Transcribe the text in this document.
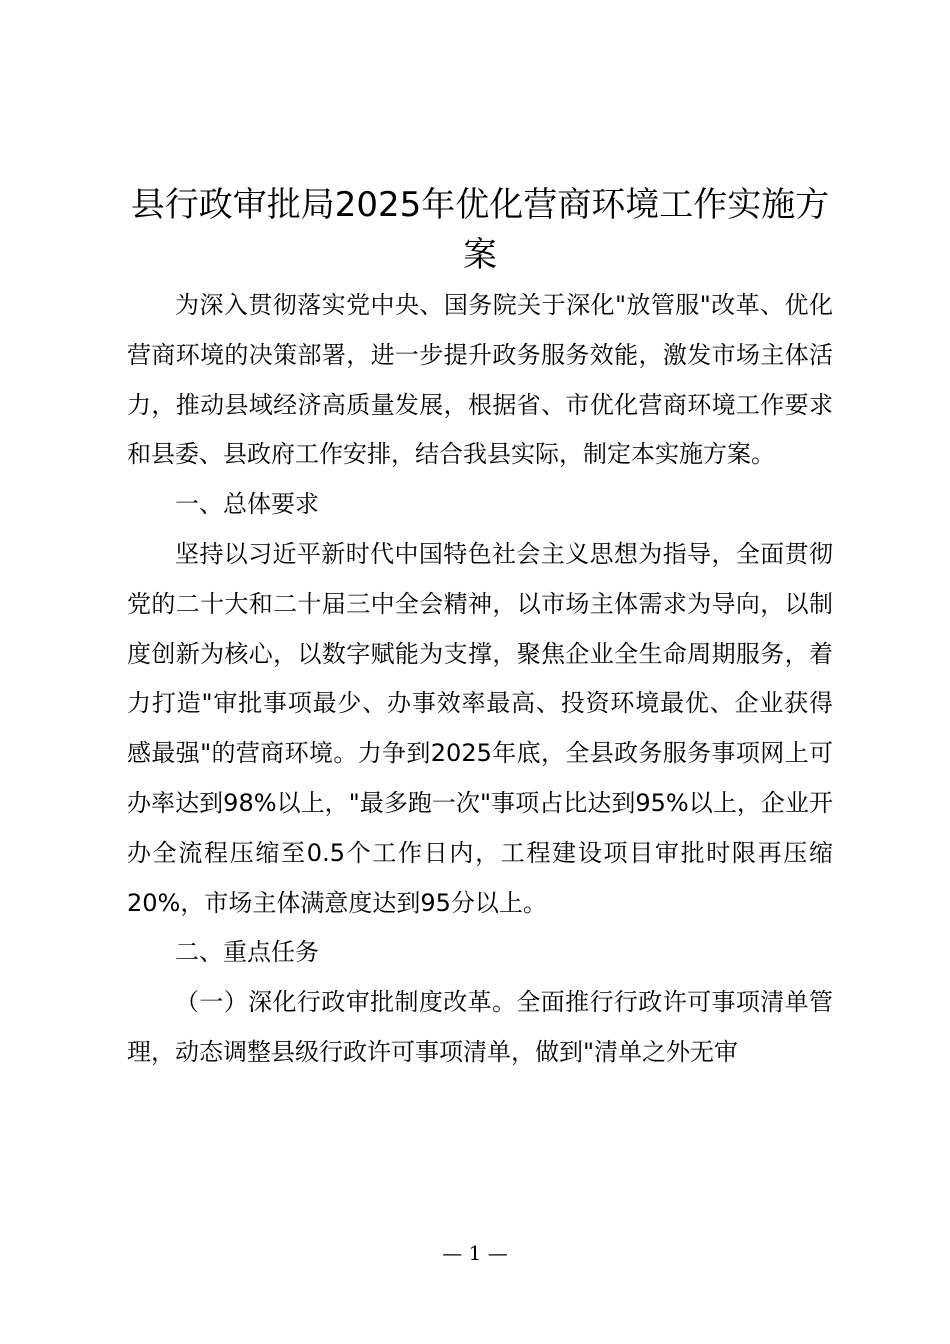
县行政审批局2025年优化营商环境工作实施方案

为深入贯彻落实党中央、国务院关于深化"放管服"改革、优化营商环境的决策部署，进一步提升政务服务效能，激发市场主体活力，推动县域经济高质量发展，根据省、市优化营商环境工作要求和县委、县政府工作安排，结合我县实际，制定本实施方案。

一、总体要求

坚持以习近平新时代中国特色社会主义思想为指导，全面贯彻党的二十大和二十届三中全会精神，以市场主体需求为导向，以制度创新为核心，以数字赋能为支撑，聚焦企业全生命周期服务，着力打造"审批事项最少、办事效率最高、投资环境最优、企业获得感最强"的营商环境。力争到2025年底，全县政务服务事项网上可办率达到98%以上，"最多跑一次"事项占比达到95%以上，企业开办全流程压缩至0.5个工作日内，工程建设项目审批时限再压缩20%，市场主体满意度达到95分以上。

二、重点任务

（一）深化行政审批制度改革。全面推行行政许可事项清单管理，动态调整县级行政许可事项清单，做到"清单之外无审

— 1 —
